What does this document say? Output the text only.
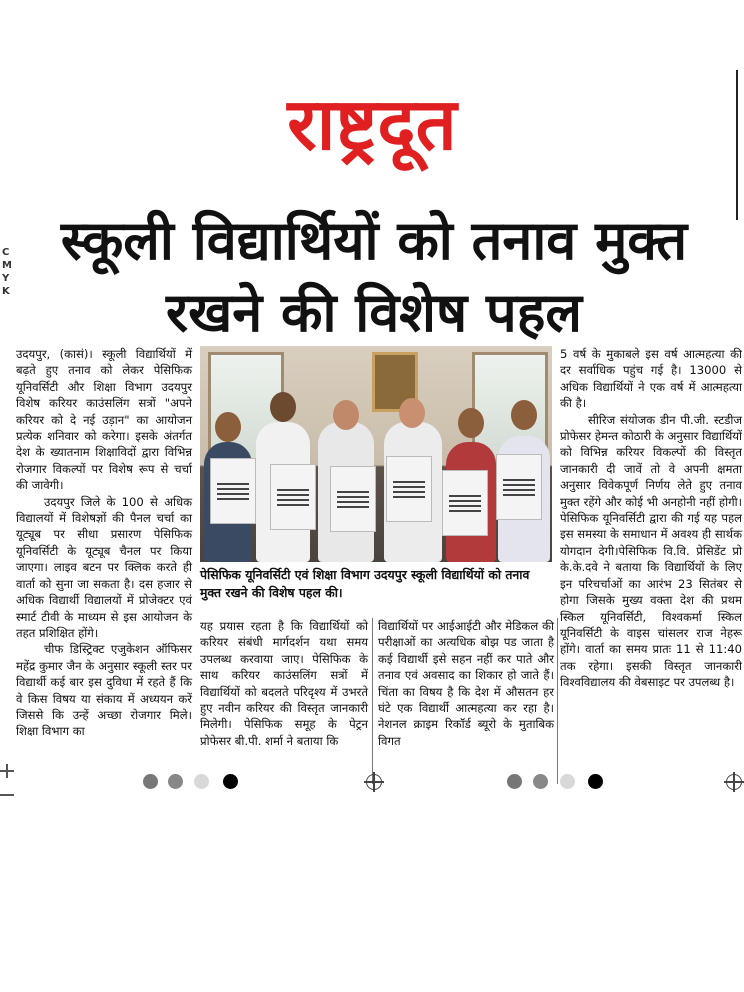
राष्ट्रदूत
C
M
Y
K
स्कूली विद्यार्थियों को तनाव मुक्त
रखने की विशेष पहल

उदयपुर, (कासं)। स्कूली विद्यार्थियों में बढ़ते हुए तनाव को लेकर पेसिफिक यूनिवर्सिटी और शिक्षा विभाग उदयपुर विशेष करियर काउंसलिंग सत्रों "अपने करियर को दे नई उड़ान" का आयोजन प्रत्येक शनिवार को करेगा। इसके अंतर्गत देश के ख्यातनाम शिक्षाविदों द्वारा विभिन्न रोजगार विकल्पों पर विशेष रूप से चर्चा की जावेगी।

उदयपुर जिले के 100 से अधिक विद्यालयों में विशेषज्ञों की पैनल चर्चा का यूट्यूब पर सीधा प्रसारण पेसिफिक यूनिवर्सिटी के यूट्यूब चैनल पर किया जाएगा। लाइव बटन पर क्लिक करते ही वार्ता को सुना जा सकता है। दस हजार से अधिक विद्यार्थी विद्यालयों में प्रोजेक्टर एवं स्मार्ट टीवी के माध्यम से इस आयोजन के तहत प्रशिक्षित होंगे।

चीफ डिस्ट्रिक्ट एजुकेशन ऑफिसर महेंद्र कुमार जैन के अनुसार स्कूली स्तर पर विद्यार्थी कई बार इस दुविधा में रहते हैं कि वे किस विषय या संकाय में अध्ययन करें जिससे कि उन्हें अच्छा रोजगार मिले। शिक्षा विभाग का

पेसिफिक यूनिवर्सिटी एवं शिक्षा विभाग उदयपुर स्कूली विद्यार्थियों को तनाव मुक्त रखने की विशेष पहल की।

यह प्रयास रहता है कि विद्यार्थियों को करियर संबंधी मार्गदर्शन यथा समय उपलब्ध करवाया जाए। पेसिफिक के साथ करियर काउंसलिंग सत्रों में विद्यार्थियों को बदलते परिदृश्य में उभरते हुए नवीन करियर की विस्तृत जानकारी मिलेगी। पेसिफिक समूह के पेट्रन प्रोफेसर बी.पी. शर्मा ने बताया कि

विद्यार्थियों पर आईआईटी और मेडिकल की परीक्षाओं का अत्यधिक बोझ पड जाता है कई विद्यार्थी इसे सहन नहीं कर पाते और तनाव एवं अवसाद का शिकार हो जाते हैं। चिंता का विषय है कि देश में औसतन हर घंटे एक विद्यार्थी आत्महत्या कर रहा है। नेशनल क्राइम रिकॉर्ड ब्यूरो के मुताबिक विगत

5 वर्ष के मुकाबले इस वर्ष आत्महत्या की दर सर्वाधिक पहुंच गई है। 13000 से अधिक विद्यार्थियों ने एक वर्ष में आत्महत्या की है।

सीरिज संयोजक डीन पी.जी. स्टडीज प्रोफेसर हेमन्त कोठारी के अनुसार विद्यार्थियों को विभिन्न करियर विकल्पों की विस्तृत जानकारी दी जावें तो वे अपनी क्षमता अनुसार विवेकपूर्ण निर्णय लेते हुए तनाव मुक्त रहेंगे और कोई भी अनहोनी नहीं होगी। पेसिफिक यूनिवर्सिटी द्वारा की गई यह पहल इस समस्या के समाधान में अवश्य ही सार्थक योगदान देगी।पेसिफिक वि.वि. प्रेसिडेंट प्रो के.के.दवे ने बताया कि विद्यार्थियों के लिए इन परिचर्चाओं का आरंभ 23 सितंबर से होगा जिसके मुख्य वक्ता देश की प्रथम स्किल यूनिवर्सिटी, विश्वकर्मा स्किल यूनिवर्सिटी के वाइस चांसलर राज नेहरू होंगे। वार्ता का समय प्रातः 11 से 11:40 तक रहेगा। इसकी विस्तृत जानकारी विश्वविद्यालय की वेबसाइट पर उपलब्ध है।
